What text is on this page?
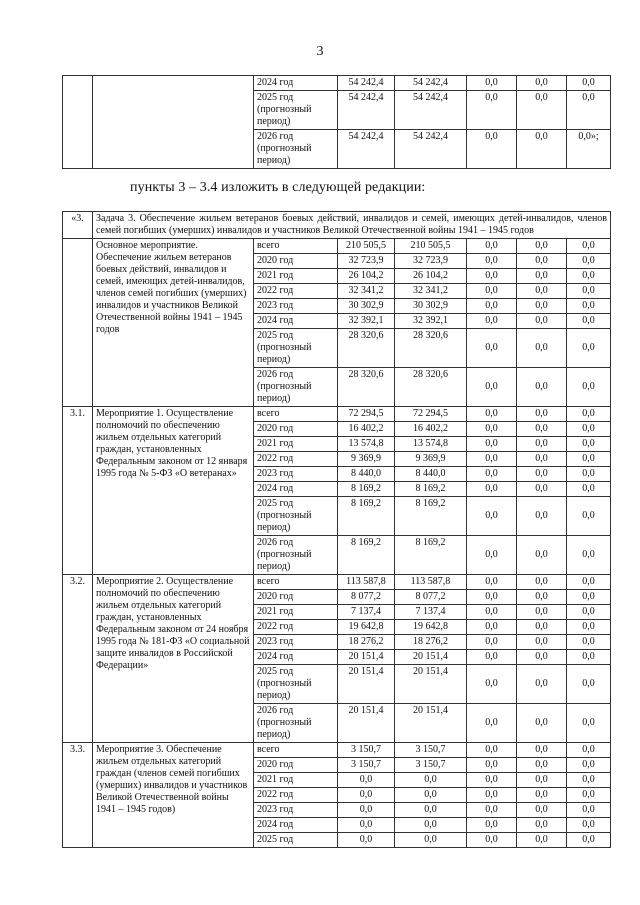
3
		2024 год	54 242,4	54 242,4	0,0	0,0	0,0
		2025 год (прогнозный период)	54 242,4	54 242,4	0,0	0,0	0,0
		2026 год (прогнозный период)	54 242,4	54 242,4	0,0	0,0	0,0»;
пункты 3 – 3.4 изложить в следующей редакции:
«3.	Задача 3. Обеспечение жильем ветеранов боевых действий, инвалидов и семей, имеющих детей-инвалидов, членов семей погибших (умерших) инвалидов и участников Великой Отечественной войны 1941 – 1945 годов						
	Основное мероприятие. Обеспечение жильем ветеранов боевых действий, инвалидов и семей, имеющих детей-инвалидов, членов семей погибших (умерших) инвалидов и участников Великой Отечественной войны 1941 – 1945 годов	всего	210 505,5	210 505,5	0,0	0,0	0,0
		2020 год	32 723,9	32 723,9	0,0	0,0	0,0
		2021 год	26 104,2	26 104,2	0,0	0,0	0,0
		2022 год	32 341,2	32 341,2	0,0	0,0	0,0
		2023 год	30 302,9	30 302,9	0,0	0,0	0,0
		2024 год	32 392,1	32 392,1	0,0	0,0	0,0
		2025 год (прогнозный период)	28 320,6	28 320,6	0,0	0,0	0,0
		2026 год (прогнозный период)	28 320,6	28 320,6	0,0	0,0	0,0
3.1.	Мероприятие 1. Осуществление полномочий по обеспечению жильем отдельных категорий граждан, установленных Федеральным законом от 12 января 1995 года № 5-ФЗ «О ветеранах»	всего	72 294,5	72 294,5	0,0	0,0	0,0
		2020 год	16 402,2	16 402,2	0,0	0,0	0,0
		2021 год	13 574,8	13 574,8	0,0	0,0	0,0
		2022 год	9 369,9	9 369,9	0,0	0,0	0,0
		2023 год	8 440,0	8 440,0	0,0	0,0	0,0
		2024 год	8 169,2	8 169,2	0,0	0,0	0,0
		2025 год (прогнозный период)	8 169,2	8 169,2	0,0	0,0	0,0
		2026 год (прогнозный период)	8 169,2	8 169,2	0,0	0,0	0,0
3.2.	Мероприятие 2. Осуществление полномочий по обеспечению жильем отдельных категорий граждан, установленных Федеральным законом от 24 ноября 1995 года № 181-ФЗ «О социальной защите инвалидов в Российской Федерации»	всего	113 587,8	113 587,8	0,0	0,0	0,0
		2020 год	8 077,2	8 077,2	0,0	0,0	0,0
		2021 год	7 137,4	7 137,4	0,0	0,0	0,0
		2022 год	19 642,8	19 642,8	0,0	0,0	0,0
		2023 год	18 276,2	18 276,2	0,0	0,0	0,0
		2024 год	20 151,4	20 151,4	0,0	0,0	0,0
		2025 год (прогнозный период)	20 151,4	20 151,4	0,0	0,0	0,0
		2026 год (прогнозный период)	20 151,4	20 151,4	0,0	0,0	0,0
3.3.	Мероприятие 3. Обеспечение жильем отдельных категорий граждан (членов семей погибших (умерших) инвалидов и участников Великой Отечественной войны 1941 – 1945 годов)	всего	3 150,7	3 150,7	0,0	0,0	0,0
		2020 год	3 150,7	3 150,7	0,0	0,0	0,0
		2021 год	0,0	0,0	0,0	0,0	0,0
		2022 год	0,0	0,0	0,0	0,0	0,0
		2023 год	0,0	0,0	0,0	0,0	0,0
		2024 год	0,0	0,0	0,0	0,0	0,0
		2025 год	0,0	0,0	0,0	0,0	0,0
